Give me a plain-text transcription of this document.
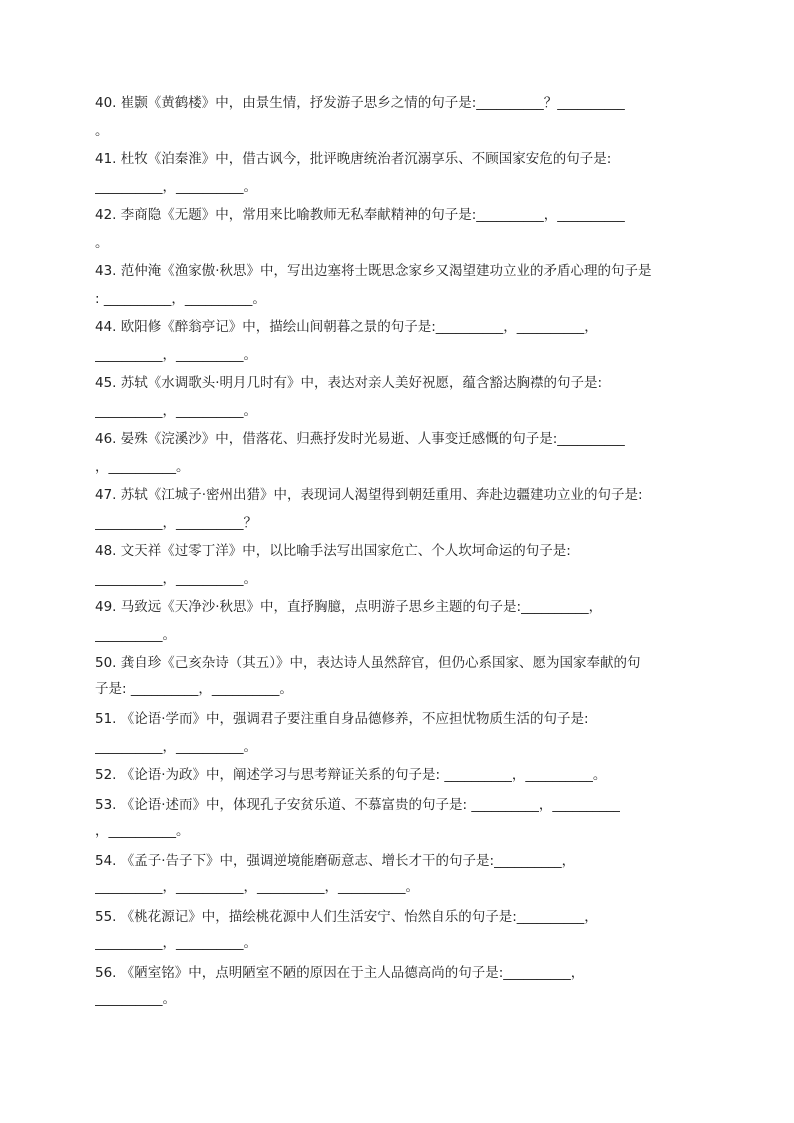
40. 崔颢《黄鹤楼》中，由景生情，抒发游子思乡之情的句子是:__________？__________
。
41. 杜牧《泊秦淮》中，借古讽今，批评晚唐统治者沉溺享乐、不顾国家安危的句子是:
__________，__________。
42. 李商隐《无题》中，常用来比喻教师无私奉献精神的句子是:__________，__________
。
43. 范仲淹《渔家傲·秋思》中，写出边塞将士既思念家乡又渴望建功立业的矛盾心理的句子是
: __________，__________。
44. 欧阳修《醉翁亭记》中，描绘山间朝暮之景的句子是:__________，__________，
__________，__________。
45. 苏轼《水调歌头·明月几时有》中，表达对亲人美好祝愿，蕴含豁达胸襟的句子是:
__________，__________。
46. 晏殊《浣溪沙》中，借落花、归燕抒发时光易逝、人事变迁感慨的句子是:__________
，__________。
47. 苏轼《江城子·密州出猎》中，表现词人渴望得到朝廷重用、奔赴边疆建功立业的句子是:
__________，__________？
48. 文天祥《过零丁洋》中，以比喻手法写出国家危亡、个人坎坷命运的句子是:
__________，__________。
49. 马致远《天净沙·秋思》中，直抒胸臆，点明游子思乡主题的句子是:__________，
__________。
50. 龚自珍《己亥杂诗（其五）》中，表达诗人虽然辞官，但仍心系国家、愿为国家奉献的句
子是: __________，__________。
51. 《论语·学而》中，强调君子要注重自身品德修养，不应担忧物质生活的句子是:
__________，__________。
52. 《论语·为政》中，阐述学习与思考辩证关系的句子是: __________，__________。
53. 《论语·述而》中，体现孔子安贫乐道、不慕富贵的句子是: __________，__________
，__________。
54. 《孟子·告子下》中，强调逆境能磨砺意志、增长才干的句子是:__________，
__________，__________，__________，__________。
55. 《桃花源记》中，描绘桃花源中人们生活安宁、怡然自乐的句子是:__________，
__________，__________。
56. 《陋室铭》中，点明陋室不陋的原因在于主人品德高尚的句子是:__________，
__________。
